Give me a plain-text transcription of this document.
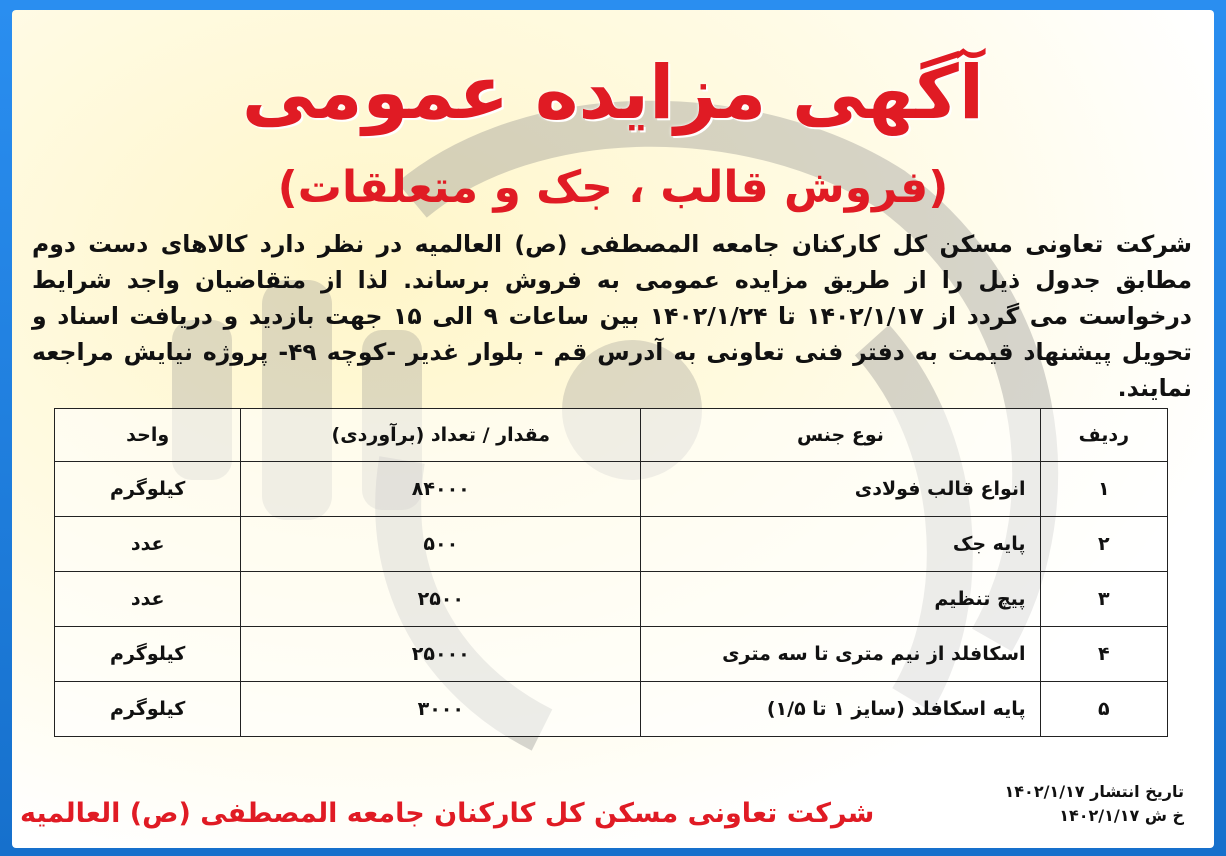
آگهی مزایده عمومی
(فروش قالب ، جک و متعلقات)
شرکت تعاونی مسکن کل کارکنان جامعه المصطفی (ص) العالمیه در نظر دارد کالاهای دست دوم مطابق جدول ذیل را از طریق مزایده عمومی به فروش برساند. لذا از متقاضیان واجد شرایط درخواست می گردد از ۱۴۰۲/۱/۱۷ تا ۱۴۰۲/۱/۲۴ بین ساعات ۹ الی ۱۵ جهت بازدید و دریافت اسناد و تحویل پیشنهاد قیمت به دفتر فنی تعاونی به آدرس قم - بلوار غدیر -کوچه ۴۹- پروژه نیایش مراجعه نمایند.
ردیف	نوع جنس	مقدار / تعداد (برآوردی)	واحد
۱	انواع قالب فولادی	۸۴۰۰۰	کیلوگرم
۲	پایه جک	۵۰۰	عدد
۳	پیچ تنظیم	۲۵۰۰	عدد
۴	اسکافلد از نیم متری تا سه متری	۲۵۰۰۰	کیلوگرم
۵	پایه اسکافلد (سایز ۱ تا ۱/۵)	۳۰۰۰	کیلوگرم
تاریخ انتشار ۱۴۰۲/۱/۱۷
خ ش ۱۴۰۲/۱/۱۷
شرکت تعاونی مسکن کل کارکنان جامعه المصطفی (ص) العالمیه
